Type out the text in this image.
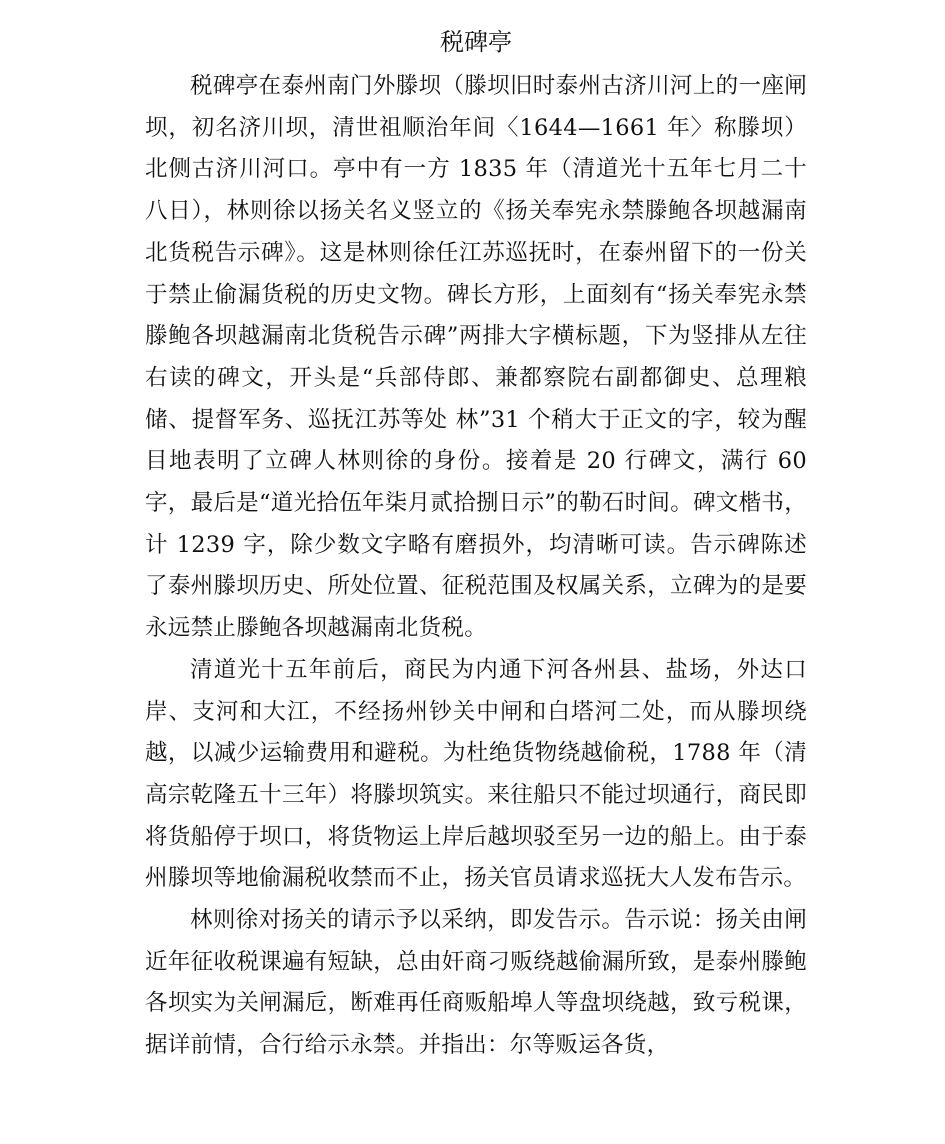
税碑亭

税碑亭在泰州南门外滕坝（滕坝旧时泰州古济川河上的一座闸坝，初名济川坝，清世祖顺治年间〈1644—1661 年〉称滕坝）北侧古济川河口。亭中有一方 1835 年（清道光十五年七月二十八日），林则徐以扬关名义竖立的《扬关奉宪永禁滕鲍各坝越漏南北货税告示碑》。这是林则徐任江苏巡抚时，在泰州留下的一份关于禁止偷漏货税的历史文物。碑长方形，上面刻有“扬关奉宪永禁滕鲍各坝越漏南北货税告示碑”两排大字横标题，下为竖排从左往右读的碑文，开头是“兵部侍郎、兼都察院右副都御史、总理粮储、提督军务、巡抚江苏等处 林”31 个稍大于正文的字，较为醒目地表明了立碑人林则徐的身份。接着是 20 行碑文，满行 60 字，最后是“道光拾伍年柒月贰拾捌日示”的勒石时间。碑文楷书，计 1239 字，除少数文字略有磨损外，均清晰可读。告示碑陈述了泰州滕坝历史、所处位置、征税范围及权属关系，立碑为的是要永远禁止滕鲍各坝越漏南北货税。

清道光十五年前后，商民为内通下河各州县、盐场，外达口岸、支河和大江，不经扬州钞关中闸和白塔河二处，而从滕坝绕越，以减少运输费用和避税。为杜绝货物绕越偷税，1788 年（清高宗乾隆五十三年）将滕坝筑实。来往船只不能过坝通行，商民即将货船停于坝口，将货物运上岸后越坝驳至另一边的船上。由于泰州滕坝等地偷漏税收禁而不止，扬关官员请求巡抚大人发布告示。

林则徐对扬关的请示予以采纳，即发告示。告示说：扬关由闸近年征收税课遍有短缺，总由奸商刁贩绕越偷漏所致，是泰州滕鲍各坝实为关闸漏卮，断难再任商贩船埠人等盘坝绕越，致亏税课，据详前情，合行给示永禁。并指出：尔等贩运各货，
